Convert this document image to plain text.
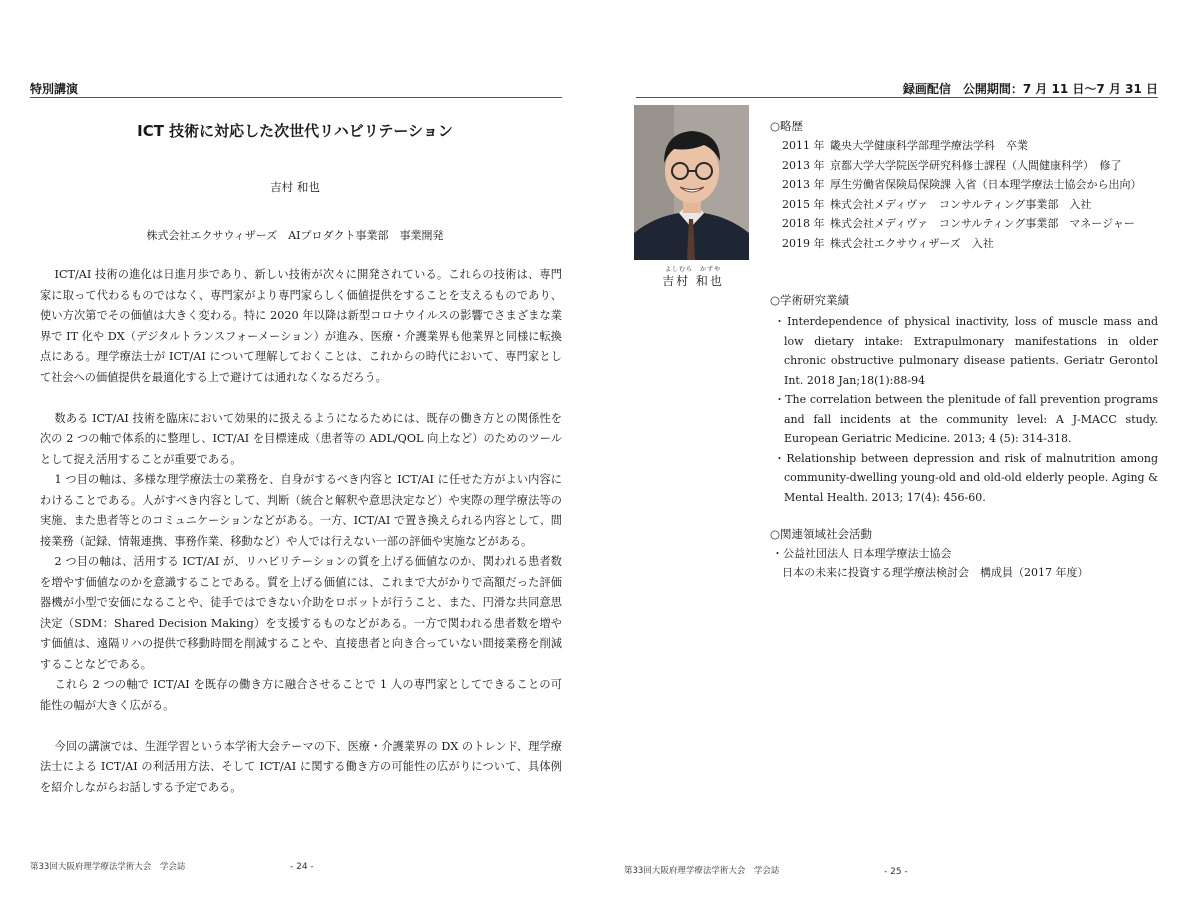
特別講演
ICT 技術に対応した次世代リハビリテーション
吉村 和也
株式会社エクサウィザーズ　AIプロダクト事業部　事業開発

ICT/AI 技術の進化は日進月歩であり、新しい技術が次々に開発されている。これらの技術は、専門家に取って代わるものではなく、専門家がより専門家らしく価値提供をすることを支えるものであり、使い方次第でその価値は大きく変わる。特に 2020 年以降は新型コロナウイルスの影響でさまざまな業界で IT 化や DX（デジタルトランスフォーメーション）が進み、医療・介護業界も他業界と同様に転換点にある。理学療法士が ICT/AI について理解しておくことは、これからの時代において、専門家として社会への価値提供を最適化する上で避けては通れなくなるだろう。

数ある ICT/AI 技術を臨床において効果的に扱えるようになるためには、既存の働き方との関係性を次の 2 つの軸で体系的に整理し、ICT/AI を目標達成（患者等の ADL/QOL 向上など）のためのツールとして捉え活用することが重要である。

1 つ目の軸は、多様な理学療法士の業務を、自身がするべき内容と ICT/AI に任せた方がよい内容にわけることである。人がすべき内容として、判断（統合と解釈や意思決定など）や実際の理学療法等の実施、また患者等とのコミュニケーションなどがある。一方、ICT/AI で置き換えられる内容として、間接業務（記録、情報連携、事務作業、移動など）や人では行えない一部の評価や実施などがある。

2 つ目の軸は、活用する ICT/AI が、リハビリテーションの質を上げる価値なのか、関われる患者数を増やす価値なのかを意識することである。質を上げる価値には、これまで大がかりで高額だった評価器機が小型で安価になることや、徒手ではできない介助をロボットが行うこと、また、円滑な共同意思決定（SDM：Shared Decision Making）を支援するものなどがある。一方で関われる患者数を増やす価値は、遠隔リハの提供で移動時間を削減することや、直接患者と向き合っていない間接業務を削減することなどである。

これら 2 つの軸で ICT/AI を既存の働き方に融合させることで 1 人の専門家としてできることの可能性の幅が大きく広がる。

今回の講演では、生涯学習という本学術大会テーマの下、医療・介護業界の DX のトレンド、理学療法士による ICT/AI の利活用方法、そして ICT/AI に関する働き方の可能性の広がりについて、具体例を紹介しながらお話しする予定である。

第33回大阪府理学療法学術大会　学会誌	- 24 -
録画配信　公開期間：7 月 11 日〜7 月 31 日
よしむら　かずや
吉村 和也
○略歴
2011 年 畿央大学健康科学部理学療法学科　卒業
2013 年 京都大学大学院医学研究科修士課程（人間健康科学）　修了
2013 年 厚生労働省保険局保険課 入省（日本理学療法士協会から出向）
2015 年 株式会社メディヴァ　コンサルティング事業部　入社
2018 年 株式会社メディヴァ　コンサルティング事業部　マネージャー
2019 年 株式会社エクサウィザーズ　入社
○学術研究業績
・Interdependence of physical inactivity, loss of muscle mass and low dietary intake: Extrapulmonary manifestations in older chronic obstructive pulmonary disease patients. Geriatr Gerontol Int. 2018 Jan;18(1):88-94
・The correlation between the plenitude of fall prevention programs and fall incidents at the community level: A J-MACC study. European Geriatric Medicine. 2013; 4 (5): 314-318.
・Relationship between depression and risk of malnutrition among community-dwelling young-old and old-old elderly people. Aging & Mental Health. 2013; 17(4): 456-60.
○関連領域社会活動
・公益社団法人 日本理学療法士協会
日本の未来に投資する理学療法検討会　構成員（2017 年度）
第33回大阪府理学療法学術大会　学会誌	- 25 -
